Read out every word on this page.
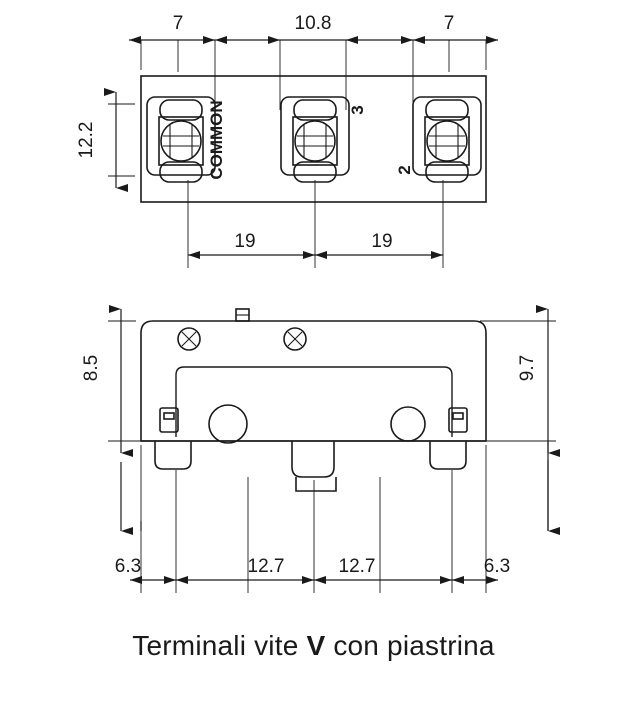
7	10.8	7
19	19
6.3	12.7	12.7	6.3
12.2
8.5	9.7
COMMON	3
2
Terminali vite V con piastrina
